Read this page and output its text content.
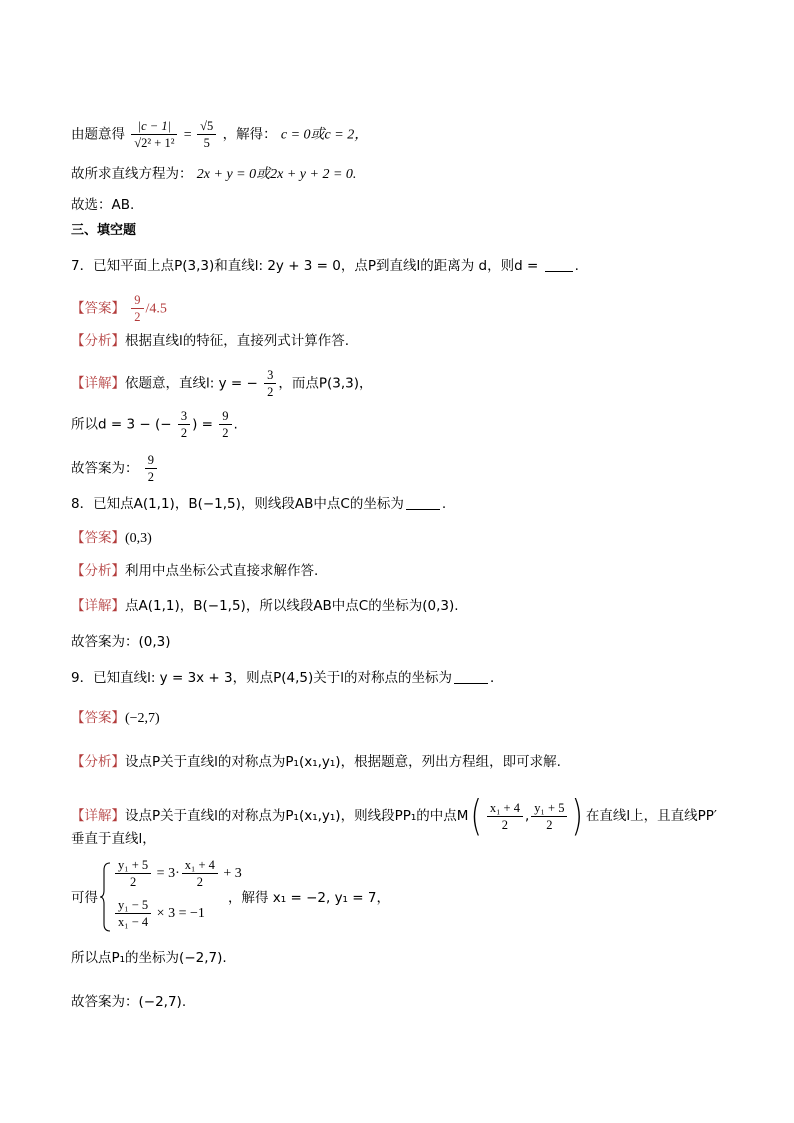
由题意得 $\frac{|c - 1|}{\text{√2² + 1²}} = \frac{√5}{5}$ ，解得： c = 0或c = 2，
故所求直线方程为： 2x + y = 0或2x + y + 2 = 0.
故选：AB.
三、填空题
7．已知平面上点P(3,3)和直线l: 2y + 3 = 0，点P到直线l的距离为 d，则d = .
【答案】 $\frac{9}{2} /4.5$
【分析】根据直线l的特征，直接列式计算作答.
【详解】依题意，直线l: y = − $\frac{3}{2}$ ，而点P(3,3)，
所以d = 3 − (− $\frac{3}{2}$ ) = $\frac{9}{2}$ .
故答案为： $\frac{9}{2}$
8．已知点A(1,1)，B(−1,5)，则线段AB中点C的坐标为	.
【答案】(0,3)
【分析】利用中点坐标公式直接求解作答.
【详解】点A(1,1)，B(−1,5)，所以线段AB中点C的坐标为(0,3).
故答案为：(0,3)
9．已知直线l: y = 3x + 3，则点P(4,5)关于l的对称点的坐标为	．
【答案】(−2,7)
【分析】设点P关于直线l的对称点为P₁(x₁,y₁)，根据题意，列出方程组，即可求解.
【详解】设点P关于直线l的对称点为P₁(x₁,y₁)，则线段PP₁的中点$M( \frac{\text{x₁ + 4}}{2}$ , $\frac{\text{y₁ + 5}}{2}$ ) 在直线l上，且直线PP′
垂直于直线l，
可得
$\frac{\text{y₁ + 5}}{2} = 3\cdot \frac{\text{x₁ + 4}}{2} + 3$
$\frac{\text{y₁ − 5}}{\text{x₁ − 4}} \times 3 = -1$
，解得 x₁ = −2, y₁ = 7，
所以点P₁的坐标为(−2,7).
故答案为：(−2,7).
